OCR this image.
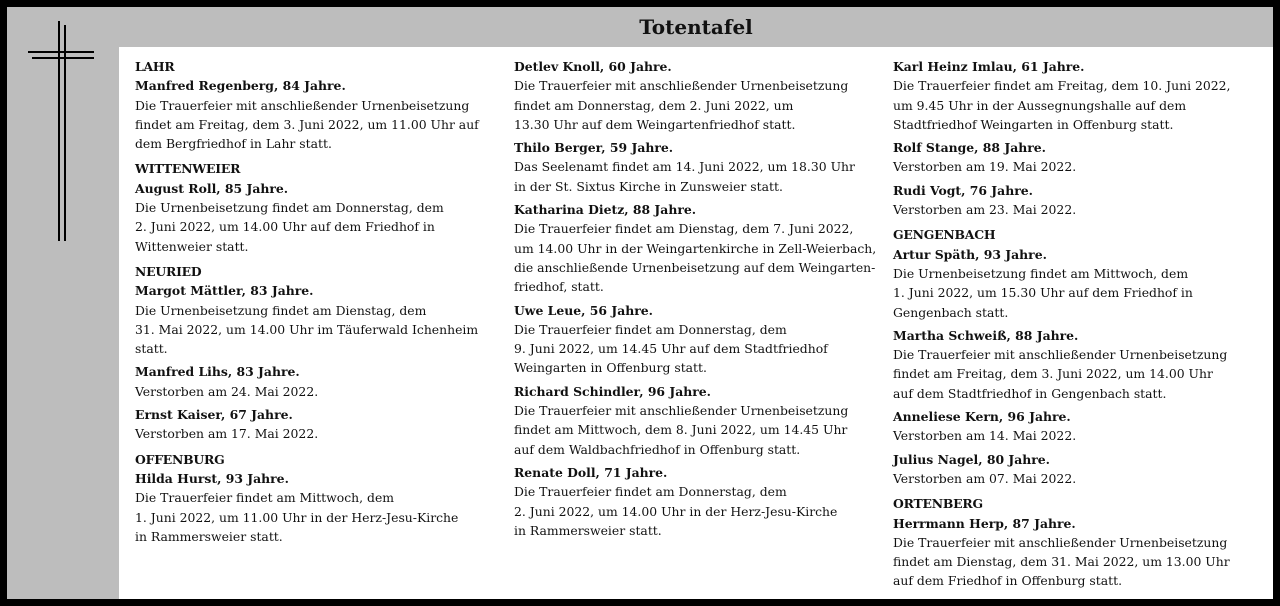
Totentafel
LAHR
Manfred Regenberg, 84 Jahre.
Die Trauerfeier mit anschließender Urnenbeisetzung
findet am Freitag, dem 3. Juni 2022, um 11.00 Uhr auf
dem Bergfriedhof in Lahr statt.
WITTENWEIER
August Roll, 85 Jahre.
Die Urnenbeisetzung findet am Donnerstag, dem
2. Juni 2022, um 14.00 Uhr auf dem Friedhof in
Wittenweier statt.
NEURIED
Margot Mättler, 83 Jahre.
Die Urnenbeisetzung findet am Dienstag, dem
31. Mai 2022, um 14.00 Uhr im Täuferwald Ichenheim
statt.
Manfred Lihs, 83 Jahre.
Verstorben am 24. Mai 2022.
Ernst Kaiser, 67 Jahre.
Verstorben am 17. Mai 2022.
OFFENBURG
Hilda Hurst, 93 Jahre.
Die Trauerfeier findet am Mittwoch, dem
1. Juni 2022, um 11.00 Uhr in der Herz-Jesu-Kirche
in Rammersweier statt.
Detlev Knoll, 60 Jahre.
Die Trauerfeier mit anschließender Urnenbeisetzung
findet am Donnerstag, dem 2. Juni 2022, um
13.30 Uhr auf dem Weingartenfriedhof statt.
Thilo Berger, 59 Jahre.
Das Seelenamt findet am 14. Juni 2022, um 18.30 Uhr
in der St. Sixtus Kirche in Zunsweier statt.
Katharina Dietz, 88 Jahre.
Die Trauerfeier findet am Dienstag, dem 7. Juni 2022,
um 14.00 Uhr in der Weingartenkirche in Zell-Weierbach,
die anschließende Urnenbeisetzung auf dem Weingarten-
friedhof, statt.
Uwe Leue, 56 Jahre.
Die Trauerfeier findet am Donnerstag, dem
9. Juni 2022, um 14.45 Uhr auf dem Stadtfriedhof
Weingarten in Offenburg statt.
Richard Schindler, 96 Jahre.
Die Trauerfeier mit anschließender Urnenbeisetzung
findet am Mittwoch, dem 8. Juni 2022, um 14.45 Uhr
auf dem Waldbachfriedhof in Offenburg statt.
Renate Doll, 71 Jahre.
Die Trauerfeier findet am Donnerstag, dem
2. Juni 2022, um 14.00 Uhr in der Herz-Jesu-Kirche
in Rammersweier statt.
Karl Heinz Imlau, 61 Jahre.
Die Trauerfeier findet am Freitag, dem 10. Juni 2022,
um 9.45 Uhr in der Aussegnungshalle auf dem
Stadtfriedhof Weingarten in Offenburg statt.
Rolf Stange, 88 Jahre.
Verstorben am 19. Mai 2022.
Rudi Vogt, 76 Jahre.
Verstorben am 23. Mai 2022.
GENGENBACH
Artur Späth, 93 Jahre.
Die Urnenbeisetzung findet am Mittwoch, dem
1. Juni 2022, um 15.30 Uhr auf dem Friedhof in
Gengenbach statt.
Martha Schweiß, 88 Jahre.
Die Trauerfeier mit anschließender Urnenbeisetzung
findet am Freitag, dem 3. Juni 2022, um 14.00 Uhr
auf dem Stadtfriedhof in Gengenbach statt.
Anneliese Kern, 96 Jahre.
Verstorben am 14. Mai 2022.
Julius Nagel, 80 Jahre.
Verstorben am 07. Mai 2022.
ORTENBERG
Herrmann Herp, 87 Jahre.
Die Trauerfeier mit anschließender Urnenbeisetzung
findet am Dienstag, dem 31. Mai 2022, um 13.00 Uhr
auf dem Friedhof in Offenburg statt.
